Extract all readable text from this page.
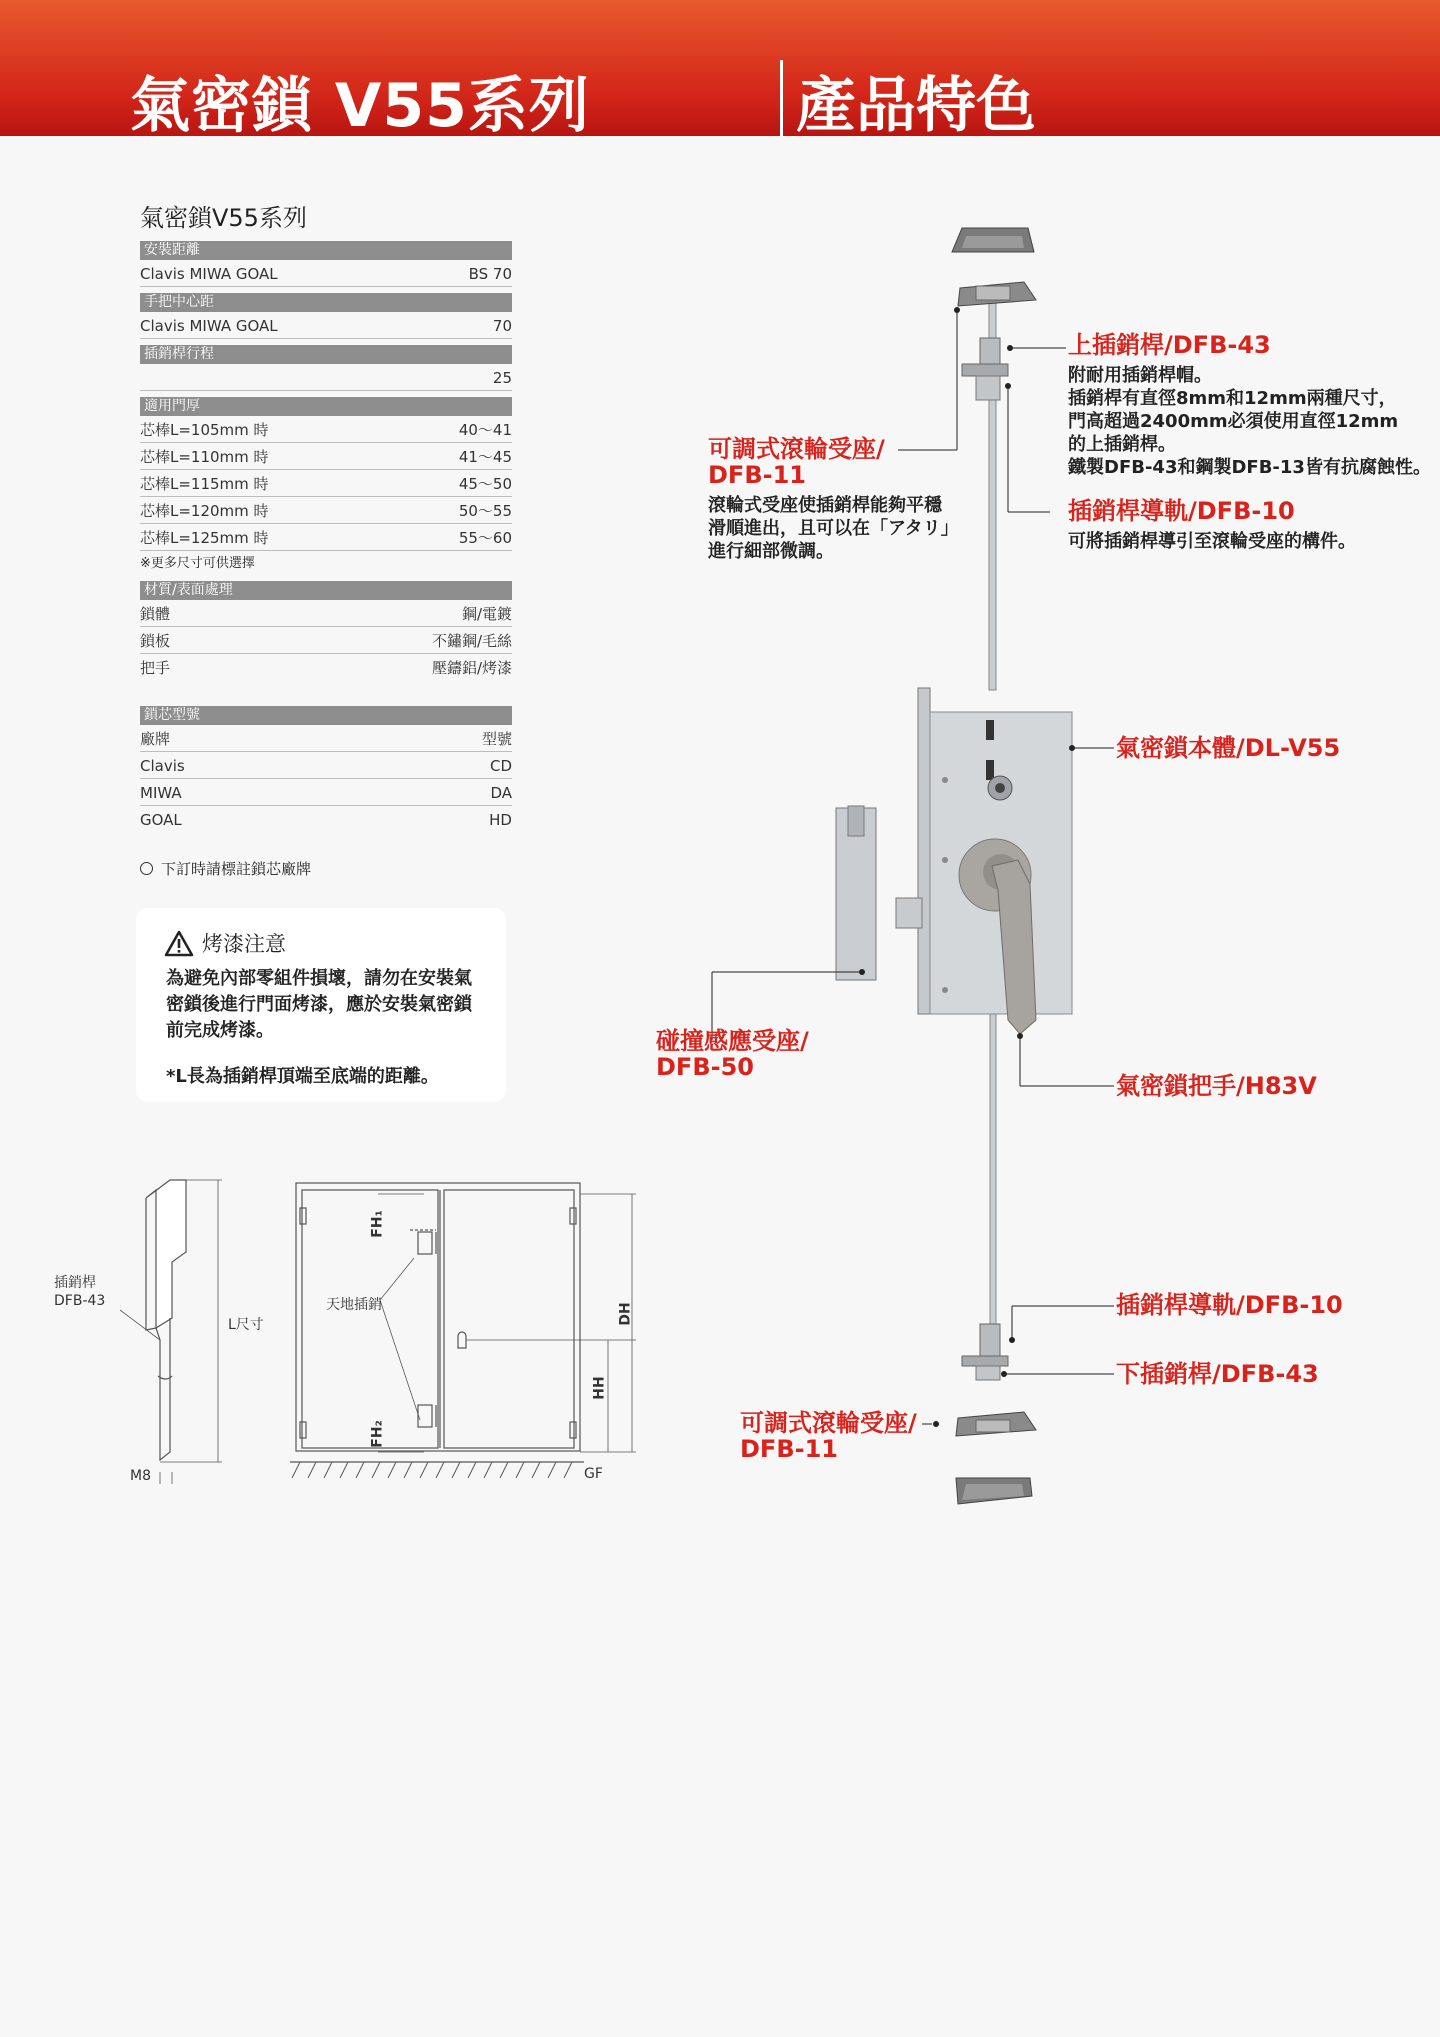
氣密鎖 V55系列	產品特色
氣密鎖V55系列
安裝距離
Clavis MIWA GOAL	BS 70
手把中心距
Clavis MIWA GOAL	70
插銷桿行程
25
適用門厚
芯棒L=105mm 時	40～41
芯棒L=110mm 時	41～45
芯棒L=115mm 時	45～50
芯棒L=120mm 時	50～55
芯棒L=125mm 時	55～60
※更多尺寸可供選擇
材質/表面處理
鎖體	鋼/電鍍
鎖板	不鏽鋼/毛絲
把手	壓鑄鋁/烤漆
鎖芯型號
廠牌	型號
Clavis	CD
MIWA	DA
GOAL	HD
下訂時請標註鎖芯廠牌
烤漆注意
為避免內部零組件損壞，請勿在安裝氣密鎖後進行門面烤漆，應於安裝氣密鎖前完成烤漆。
*L長為插銷桿頂端至底端的距離。
插銷桿
DFB-43
L尺寸
M8
天地插銷
FH₁
FH₂
DH
HH
GF
上插銷桿/DFB-43
附耐用插銷桿帽。
插銷桿有直徑8mm和12mm兩種尺寸，
門高超過2400mm必須使用直徑12mm
的上插銷桿。
鐵製DFB-43和鋼製DFB-13皆有抗腐蝕性。
可調式滾輪受座/
DFB-11
滾輪式受座使插銷桿能夠平穩
滑順進出，且可以在「アタリ」
進行細部微調。
插銷桿導軌/DFB-10
可將插銷桿導引至滾輪受座的構件。
氣密鎖本體/DL-V55
碰撞感應受座/
DFB-50
氣密鎖把手/H83V
插銷桿導軌/DFB-10
下插銷桿/DFB-43
可調式滾輪受座/
DFB-11
